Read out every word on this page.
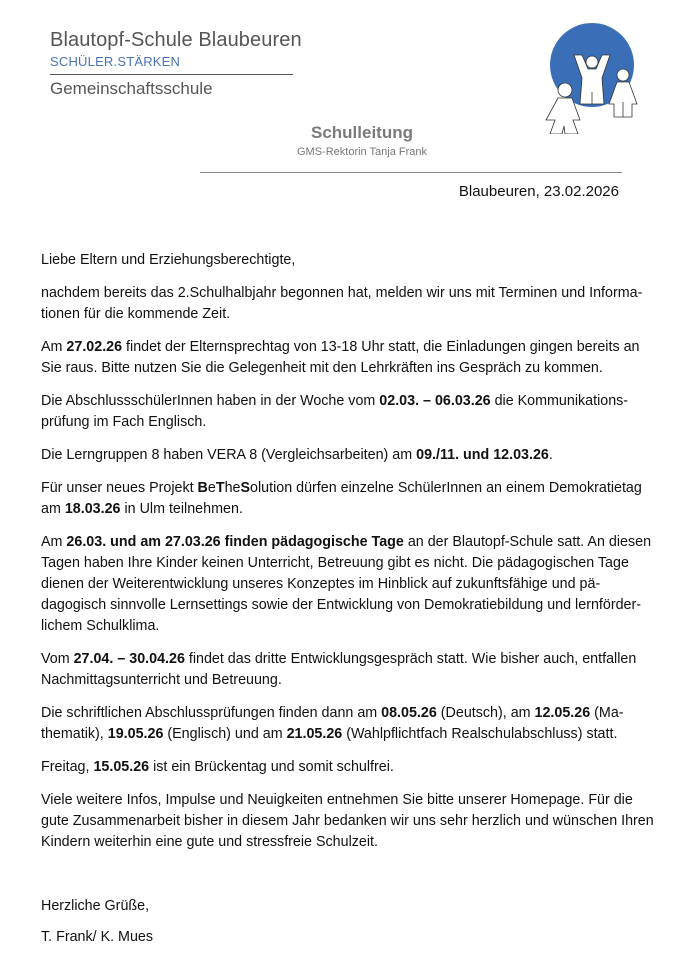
Blautopf-Schule Blaubeuren
SCHÜLER.STÄRKEN
Gemeinschaftsschule
Schulleitung
GMS-Rektorin Tanja Frank
Blaubeuren, 23.02.2026

Liebe Eltern und Erziehungsberechtigte,

nachdem bereits das 2.Schulhalbjahr begonnen hat, melden wir uns mit Terminen und Informa-tionen für die kommende Zeit.

Am 27.02.26 findet der Elternsprechtag von 13-18 Uhr statt, die Einladungen gingen bereits an Sie raus. Bitte nutzen Sie die Gelegenheit mit den Lehrkräften ins Gespräch zu kommen.

Die AbschlussschülerInnen haben in der Woche vom 02.03. – 06.03.26 die Kommunikations-prüfung im Fach Englisch.

Die Lerngruppen 8 haben VERA 8 (Vergleichsarbeiten) am 09./11. und 12.03.26.

Für unser neues Projekt BeTheSolution dürfen einzelne SchülerInnen an einem Demokratietag am 18.03.26 in Ulm teilnehmen.

Am 26.03. und am 27.03.26 finden pädagogische Tage an der Blautopf-Schule satt. An diesen Tagen haben Ihre Kinder keinen Unterricht, Betreuung gibt es nicht. Die pädagogischen Tage dienen der Weiterentwicklung unseres Konzeptes im Hinblick auf zukunftsfähige und pä-dagogisch sinnvolle Lernsettings sowie der Entwicklung von Demokratiebildung und lernförder-lichem Schulklima.

Vom 27.04. – 30.04.26 findet das dritte Entwicklungsgespräch statt. Wie bisher auch, entfallen Nachmittagsunterricht und Betreuung.

Die schriftlichen Abschlussprüfungen finden dann am 08.05.26 (Deutsch), am 12.05.26 (Ma-thematik), 19.05.26 (Englisch) und am 21.05.26 (Wahlpflichtfach Realschulabschluss) statt.

Freitag, 15.05.26 ist ein Brückentag und somit schulfrei.

Viele weitere Infos, Impulse und Neuigkeiten entnehmen Sie bitte unserer Homepage. Für die gute Zusammenarbeit bisher in diesem Jahr bedanken wir uns sehr herzlich und wünschen Ihren Kindern weiterhin eine gute und stressfreie Schulzeit.

Herzliche Grüße,
T. Frank/ K. Mues
